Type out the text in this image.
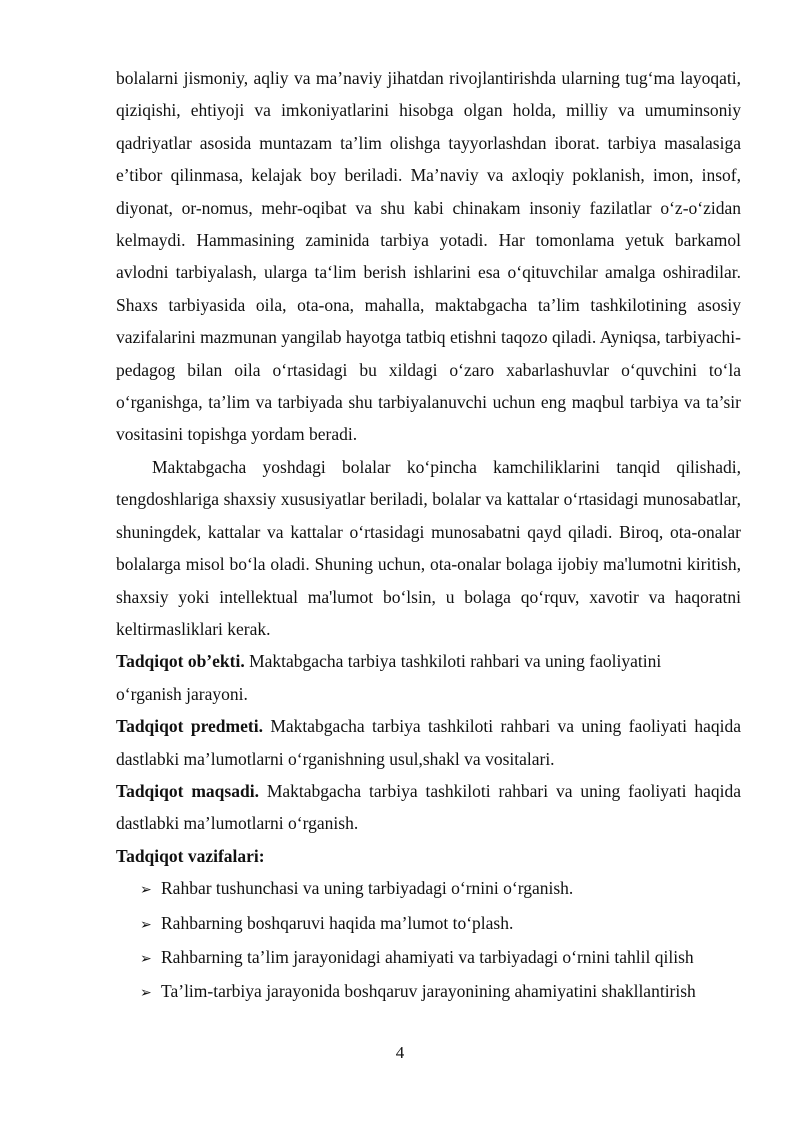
bolalarni jismoniy, aqliy va ma’naviy jihatdan rivojlantirishda ularning tug‘ma layoqati, qiziqishi, ehtiyoji va imkoniyatlarini hisobga olgan holda, milliy va umuminsoniy qadriyatlar asosida muntazam ta’lim olishga tayyorlashdan iborat. tarbiya masalasiga e’tibor qilinmasa, kelajak boy beriladi. Ma’naviy va axloqiy poklanish, imon, insof, diyonat, or-nomus, mehr-oqibat va shu kabi chinakam insoniy fazilatlar o‘z-o‘zidan kelmaydi. Hammasining zaminida tarbiya yotadi. Har tomonlama yetuk barkamol avlodni tarbiyalash, ularga ta‘lim berish ishlarini esa o‘qituvchilar amalga oshiradilar. Shaxs tarbiyasida oila, ota-ona, mahalla, maktabgacha ta’lim tashkilotining asosiy vazifalarini mazmunan yangilab hayotga tatbiq etishni taqozo qiladi. Ayniqsa, tarbiyachi-pedagog bilan oila o‘rtasidagi bu xildagi o‘zaro xabarlashuvlar o‘quvchini to‘la o‘rganishga, ta’lim va tarbiyada shu tarbiyalanuvchi uchun eng maqbul tarbiya va ta’sir vositasini topishga yordam beradi.

Maktabgacha yoshdagi bolalar ko‘pincha kamchiliklarini tanqid qilishadi, tengdoshlariga shaxsiy xususiyatlar beriladi, bolalar va kattalar o‘rtasidagi munosabatlar, shuningdek, kattalar va kattalar o‘rtasidagi munosabatni qayd qiladi. Biroq, ota-onalar bolalarga misol bo‘la oladi. Shuning uchun, ota-onalar bolaga ijobiy ma'lumotni kiritish, shaxsiy yoki intellektual ma'lumot bo‘lsin, u bolaga qo‘rquv, xavotir va haqoratni keltirmasliklari kerak.

Tadqiqot ob’ekti. Maktabgacha tarbiya tashkiloti rahbari va uning faoliyatini
o‘rganish jarayoni.

Tadqiqot predmeti. Maktabgacha tarbiya tashkiloti rahbari va uning faoliyati haqida dastlabki ma’lumotlarni o‘rganishning usul,shakl va vositalari.

Tadqiqot maqsadi. Maktabgacha tarbiya tashkiloti rahbari va uning faoliyati haqida dastlabki ma’lumotlarni o‘rganish.

Tadqiqot vazifalari:

➢ Rahbar tushunchasi va uning tarbiyadagi o‘rnini o‘rganish.
➢ Rahbarning boshqaruvi haqida ma’lumot to‘plash.
➢ Rahbarning ta’lim jarayonidagi ahamiyati va tarbiyadagi o‘rnini tahlil qilish
➢ Ta’lim-tarbiya jarayonida boshqaruv jarayonining ahamiyatini shakllantirish
4
